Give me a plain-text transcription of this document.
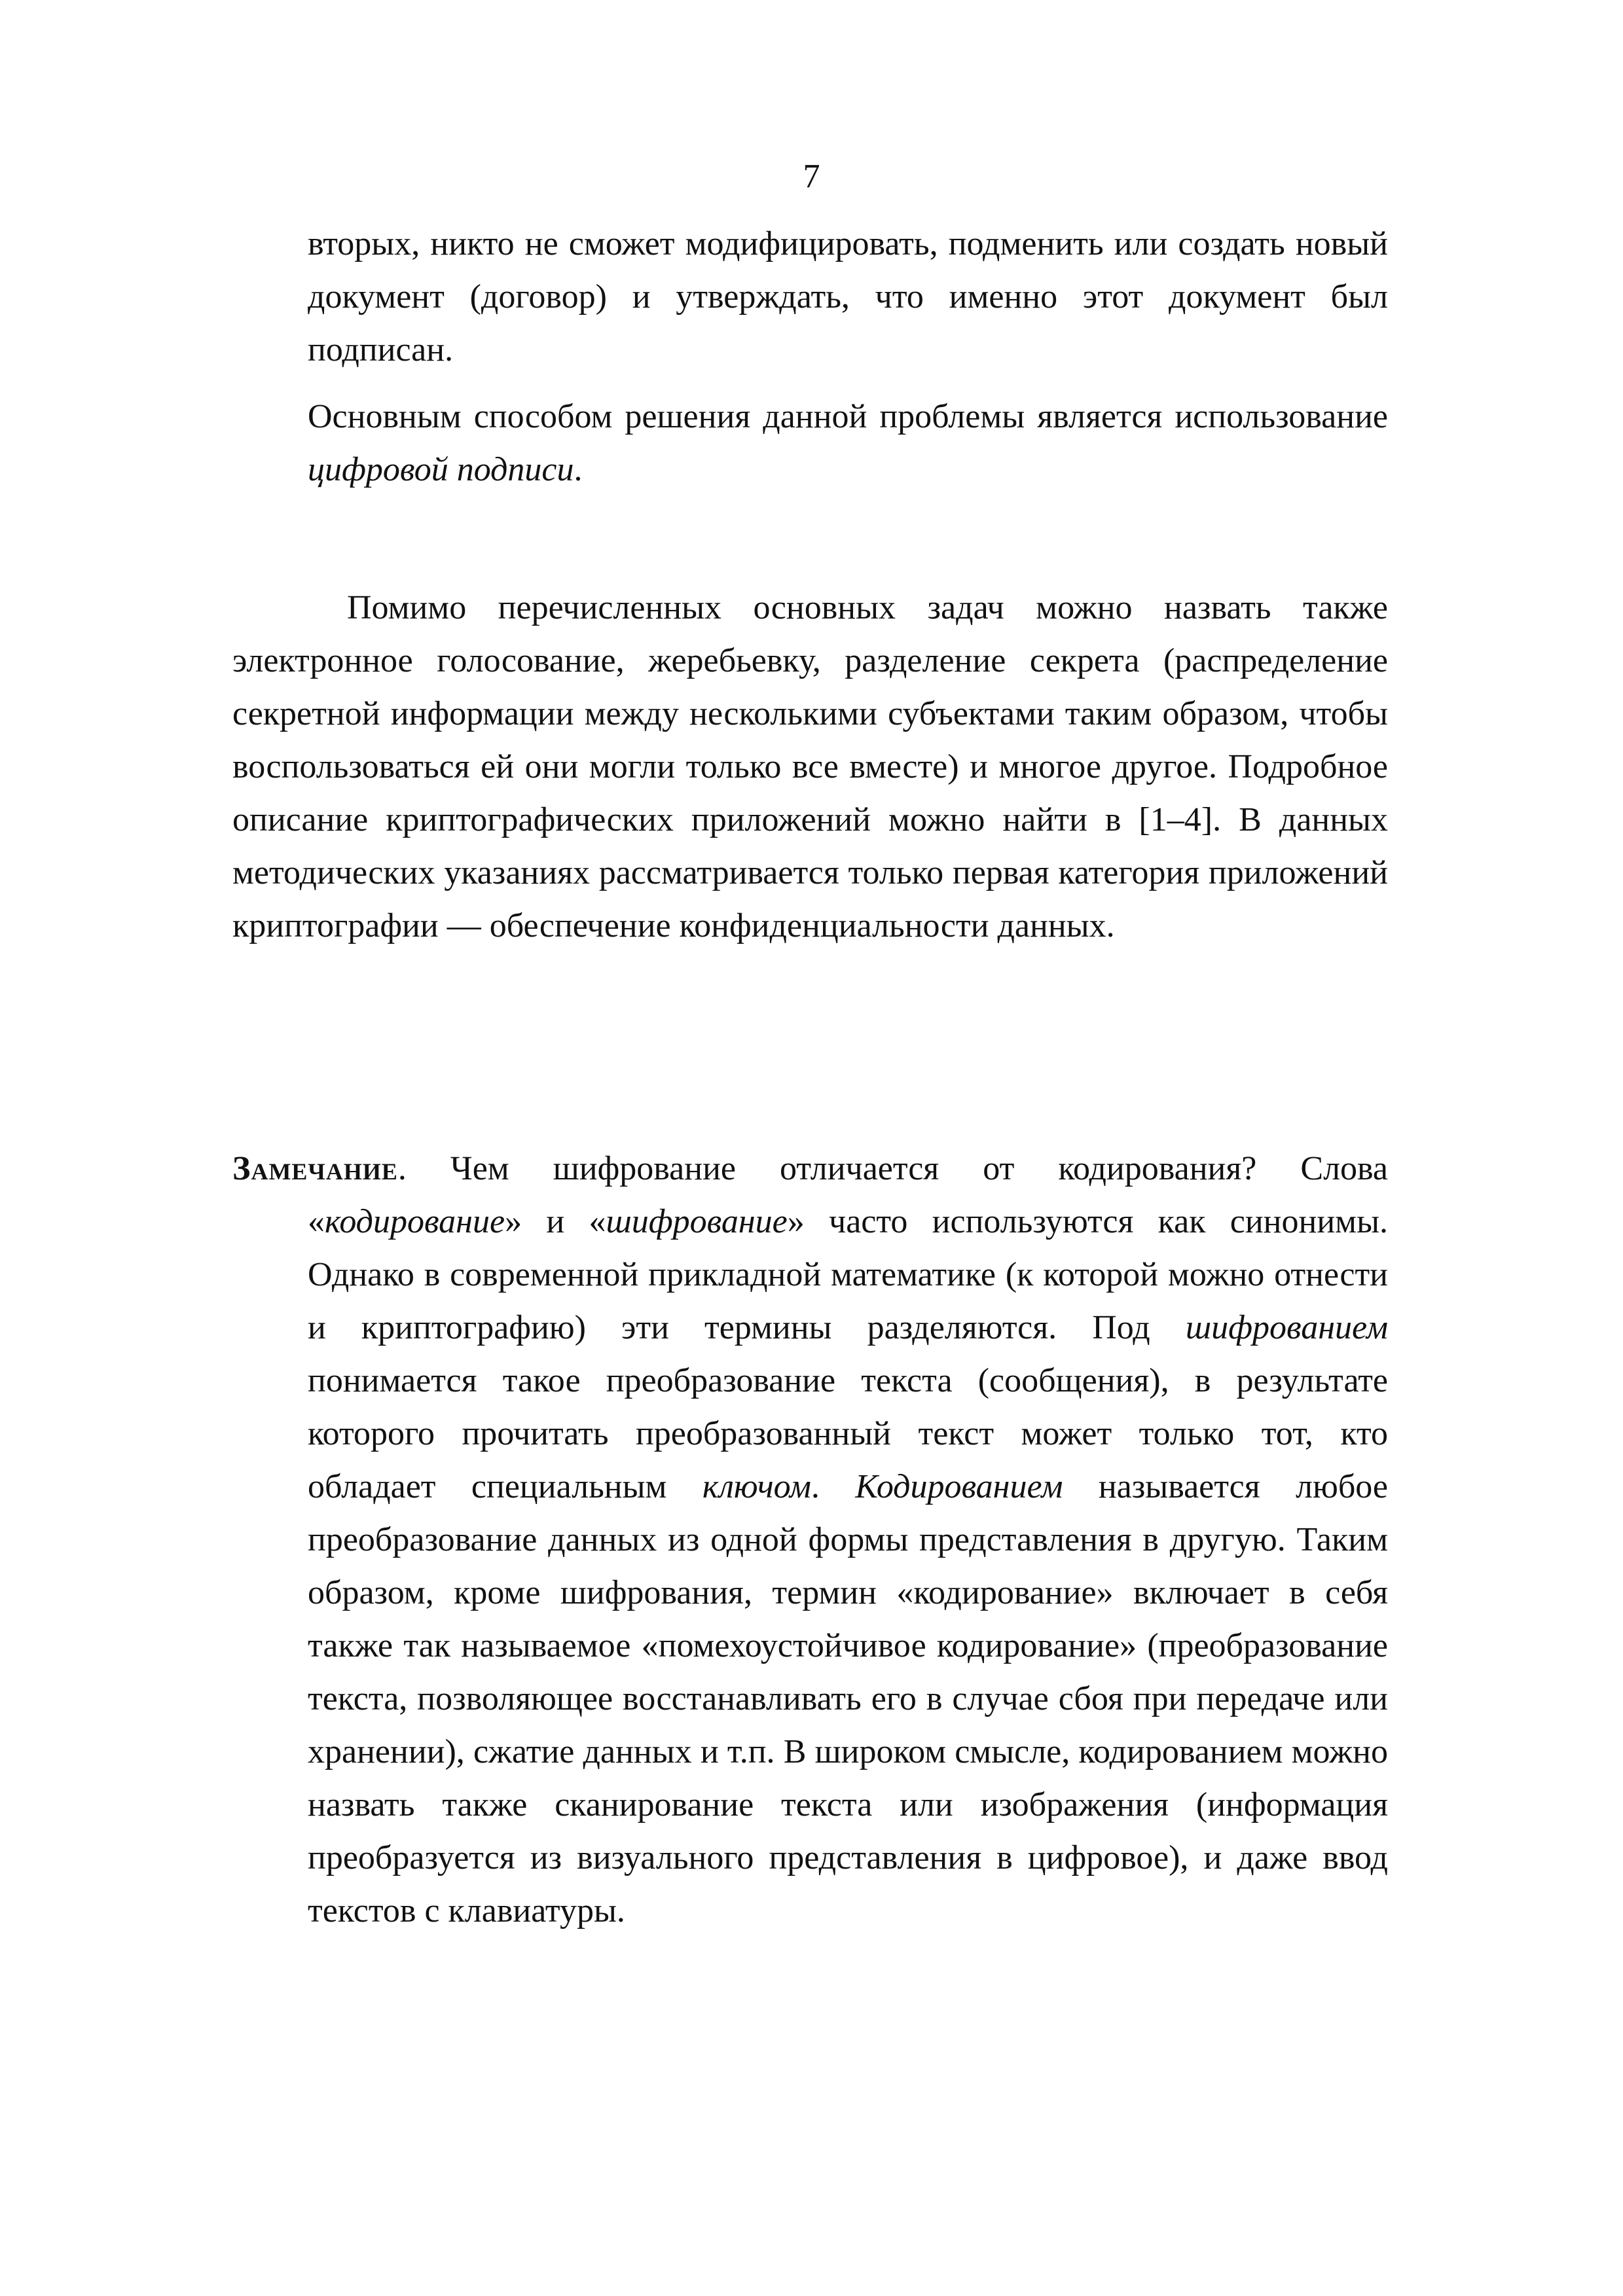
7

вторых, никто не сможет модифицировать, подменить или создать новый документ (договор) и утверждать, что именно этот документ был подписан.

Основным способом решения данной проблемы является использование цифровой подписи.

Помимо перечисленных основных задач можно назвать также электронное голосование, жеребьевку, разделение секрета (распределение секретной информации между несколькими субъектами таким образом, чтобы воспользоваться ей они могли только все вместе) и многое другое. Подробное описание криптографических приложений можно найти в [1–4]. В данных методических указаниях рассматривается только первая категория приложений криптографии — обеспечение конфиденциальности данных.

Замечание. Чем шифрование отличается от кодирования? Слова «кодирование» и «шифрование» часто используются как синонимы. Однако в современной прикладной математике (к которой можно отнести и криптографию) эти термины разделяются. Под шифрованием понимается такое преобразование текста (сообщения), в результате которого прочитать преобразованный текст может только тот, кто обладает специальным ключом. Кодированием называется любое преобразование данных из одной формы представления в другую. Таким образом, кроме шифрования, термин «кодирование» включает в себя также так называемое «помехоустойчивое кодирование» (преобразование текста, позволяющее восстанавливать его в случае сбоя при передаче или хранении), сжатие данных и т.п. В широком смысле, кодированием можно назвать также сканирование текста или изображения (информация преобразуется из визуального представления в цифровое), и даже ввод текстов с клавиатуры.
